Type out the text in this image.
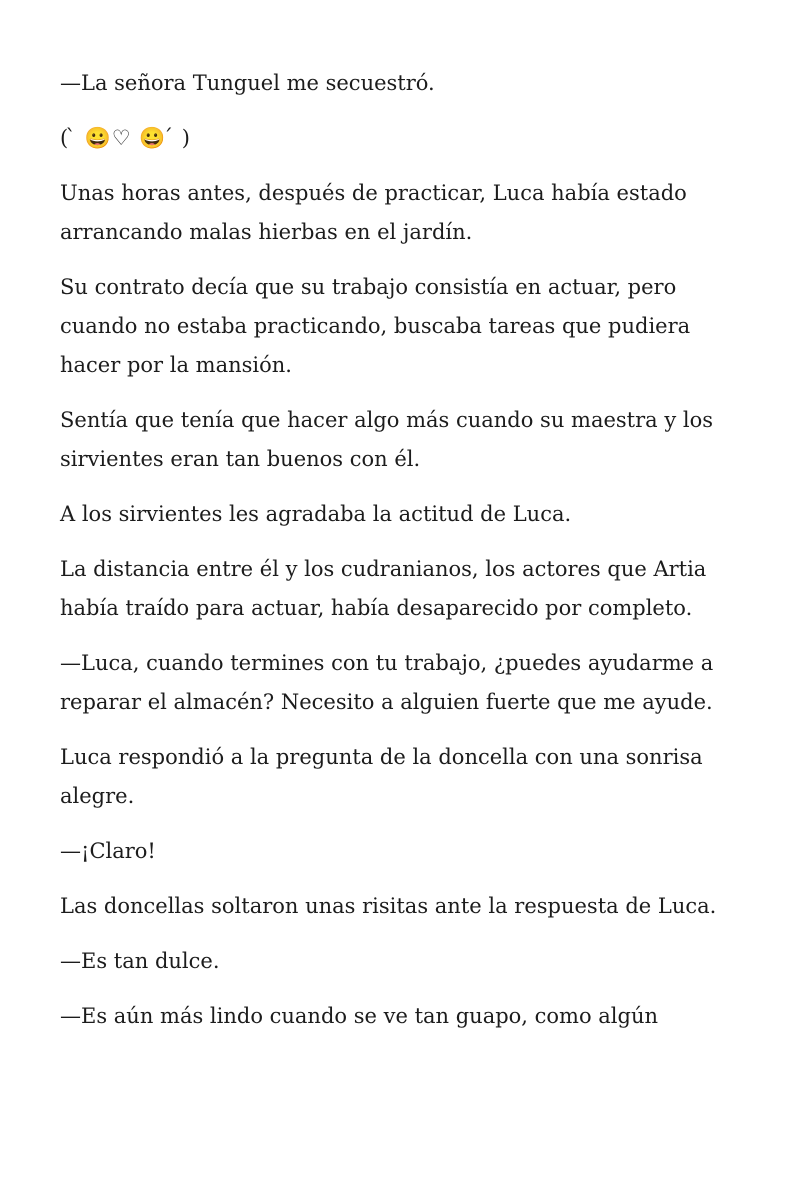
—La señora Tunguel me secuestró.

( ̀ 😀♡ 😀 ́ )

Unas horas antes, después de practicar, Luca había estado arrancando malas hierbas en el jardín.

Su contrato decía que su trabajo consistía en actuar, pero cuando no estaba practicando, buscaba tareas que pudiera hacer por la mansión.

Sentía que tenía que hacer algo más cuando su maestra y los sirvientes eran tan buenos con él.

A los sirvientes les agradaba la actitud de Luca.

La distancia entre él y los cudranianos, los actores que Artia había traído para actuar, había desaparecido por completo.

—Luca, cuando termines con tu trabajo, ¿puedes ayudarme a reparar el almacén? Necesito a alguien fuerte que me ayude.

Luca respondió a la pregunta de la doncella con una sonrisa alegre.

—¡Claro!

Las doncellas soltaron unas risitas ante la respuesta de Luca.

—Es tan dulce.

—Es aún más lindo cuando se ve tan guapo, como algún
